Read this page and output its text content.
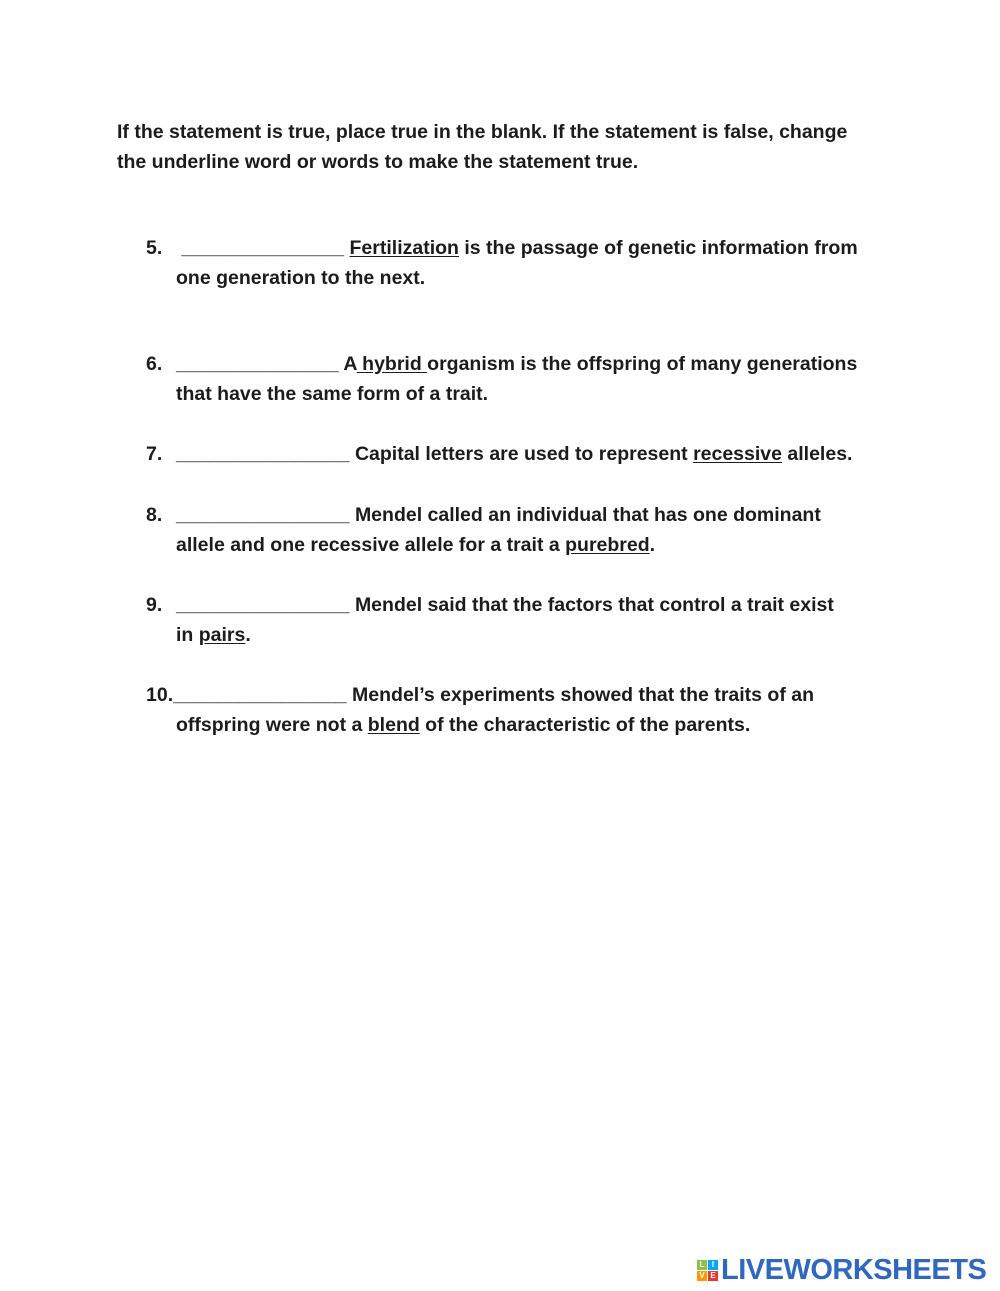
If the statement is true, place true in the blank. If the statement is false, change
the underline word or words to make the statement true.
5. _______________ Fertilization is the passage of genetic information from
one generation to the next.
6. _______________ A hybrid organism is the offspring of many generations
that have the same form of a trait.
7. ________________ Capital letters are used to represent recessive alleles.
8. ________________ Mendel called an individual that has one dominant
allele and one recessive allele for a trait a purebred.
9. ________________ Mendel said that the factors that control a trait exist
in pairs.
10.________________ Mendel’s experiments showed that the traits of an
offspring were not a blend of the characteristic of the parents.
L I
V E LIVEWORKSHEETS
